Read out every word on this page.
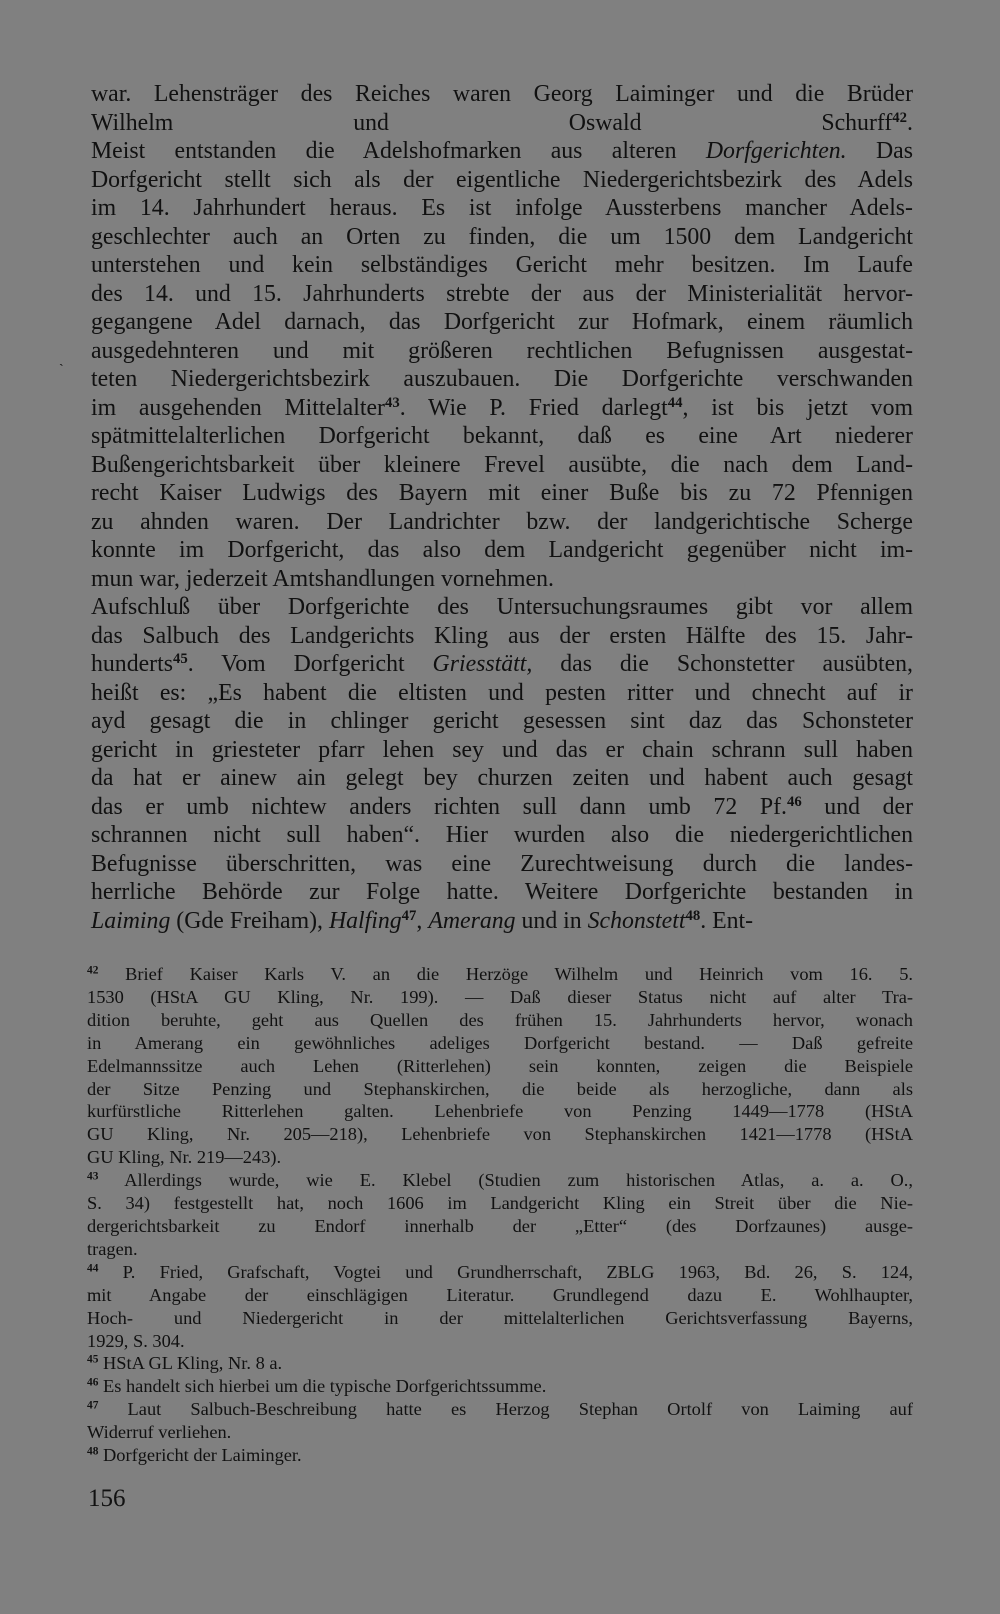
ˎ

war. Lehensträger des Reiches waren Georg Laiminger und die Brüder

Wilhelm und Oswald Schurff$^{42}$.

Meist entstanden die Adelshofmarken aus alteren Dorfgerichten. Das

Dorfgericht stellt sich als der eigentliche Niedergerichtsbezirk des Adels

im 14. Jahrhundert heraus. Es ist infolge Aussterbens mancher Adels-

geschlechter auch an Orten zu finden, die um 1500 dem Landgericht

unterstehen und kein selbständiges Gericht mehr besitzen. Im Laufe

des 14. und 15. Jahrhunderts strebte der aus der Ministerialität hervor-

gegangene Adel darnach, das Dorfgericht zur Hofmark, einem räumlich

ausgedehnteren und mit größeren rechtlichen Befugnissen ausgestat-

teten Niedergerichtsbezirk auszubauen. Die Dorfgerichte verschwanden

im ausgehenden Mittelalter$^{43}$. Wie P. Fried darlegt$^{44}$, ist bis jetzt vom

spätmittelalterlichen Dorfgericht bekannt, daß es eine Art niederer

Bußengerichtsbarkeit über kleinere Frevel ausübte, die nach dem Land-

recht Kaiser Ludwigs des Bayern mit einer Buße bis zu 72 Pfennigen

zu ahnden waren. Der Landrichter bzw. der landgerichtische Scherge

konnte im Dorfgericht, das also dem Landgericht gegenüber nicht im-

mun war, jederzeit Amtshandlungen vornehmen.

Aufschluß über Dorfgerichte des Untersuchungsraumes gibt vor allem

das Salbuch des Landgerichts Kling aus der ersten Hälfte des 15. Jahr-

hunderts$^{45}$. Vom Dorfgericht Griesstätt, das die Schonstetter ausübten,

heißt es: „Es habent die eltisten und pesten ritter und chnecht auf ir

ayd gesagt die in chlinger gericht gesessen sint daz das Schonsteter

gericht in griesteter pfarr lehen sey und das er chain schrann sull haben

da hat er ainew ain gelegt bey churzen zeiten und habent auch gesagt

das er umb nichtew anders richten sull dann umb 72 Pf.$^{46}$ und der

schrannen nicht sull haben“. Hier wurden also die niedergerichtlichen

Befugnisse überschritten, was eine Zurechtweisung durch die landes-

herrliche Behörde zur Folge hatte. Weitere Dorfgerichte bestanden in

Laiming (Gde Freiham), Halfing$^{47}$, Amerang und in Schonstett$^{48}$. Ent-

$^{42}$ Brief Kaiser Karls V. an die Herzöge Wilhelm und Heinrich vom 16. 5.

1530 (HStA GU Kling, Nr. 199). — Daß dieser Status nicht auf alter Tra-

dition beruhte, geht aus Quellen des frühen 15. Jahrhunderts hervor, wonach

in Amerang ein gewöhnliches adeliges Dorfgericht bestand. — Daß gefreite

Edelmannssitze auch Lehen (Ritterlehen) sein konnten, zeigen die Beispiele

der Sitze Penzing und Stephanskirchen, die beide als herzogliche, dann als

kurfürstliche Ritterlehen galten. Lehenbriefe von Penzing 1449—1778 (HStA

GU Kling, Nr. 205—218), Lehenbriefe von Stephanskirchen 1421—1778 (HStA

GU Kling, Nr. 219—243).

$^{43}$ Allerdings wurde, wie E. Klebel (Studien zum historischen Atlas, a. a. O.,

S. 34) festgestellt hat, noch 1606 im Landgericht Kling ein Streit über die Nie-

dergerichtsbarkeit zu Endorf innerhalb der „Etter“ (des Dorfzaunes) ausge-

tragen.

$^{44}$ P. Fried, Grafschaft, Vogtei und Grundherrschaft, ZBLG 1963, Bd. 26, S. 124,

mit Angabe der einschlägigen Literatur. Grundlegend dazu E. Wohlhaupter,

Hoch- und Niedergericht in der mittelalterlichen Gerichtsverfassung Bayerns,

1929, S. 304.

$^{45}$ HStA GL Kling, Nr. 8 a.

$^{46}$ Es handelt sich hierbei um die typische Dorfgerichtssumme.

$^{47}$ Laut Salbuch-Beschreibung hatte es Herzog Stephan Ortolf von Laiming auf

Widerruf verliehen.

$^{48}$ Dorfgericht der Laiminger.

156
